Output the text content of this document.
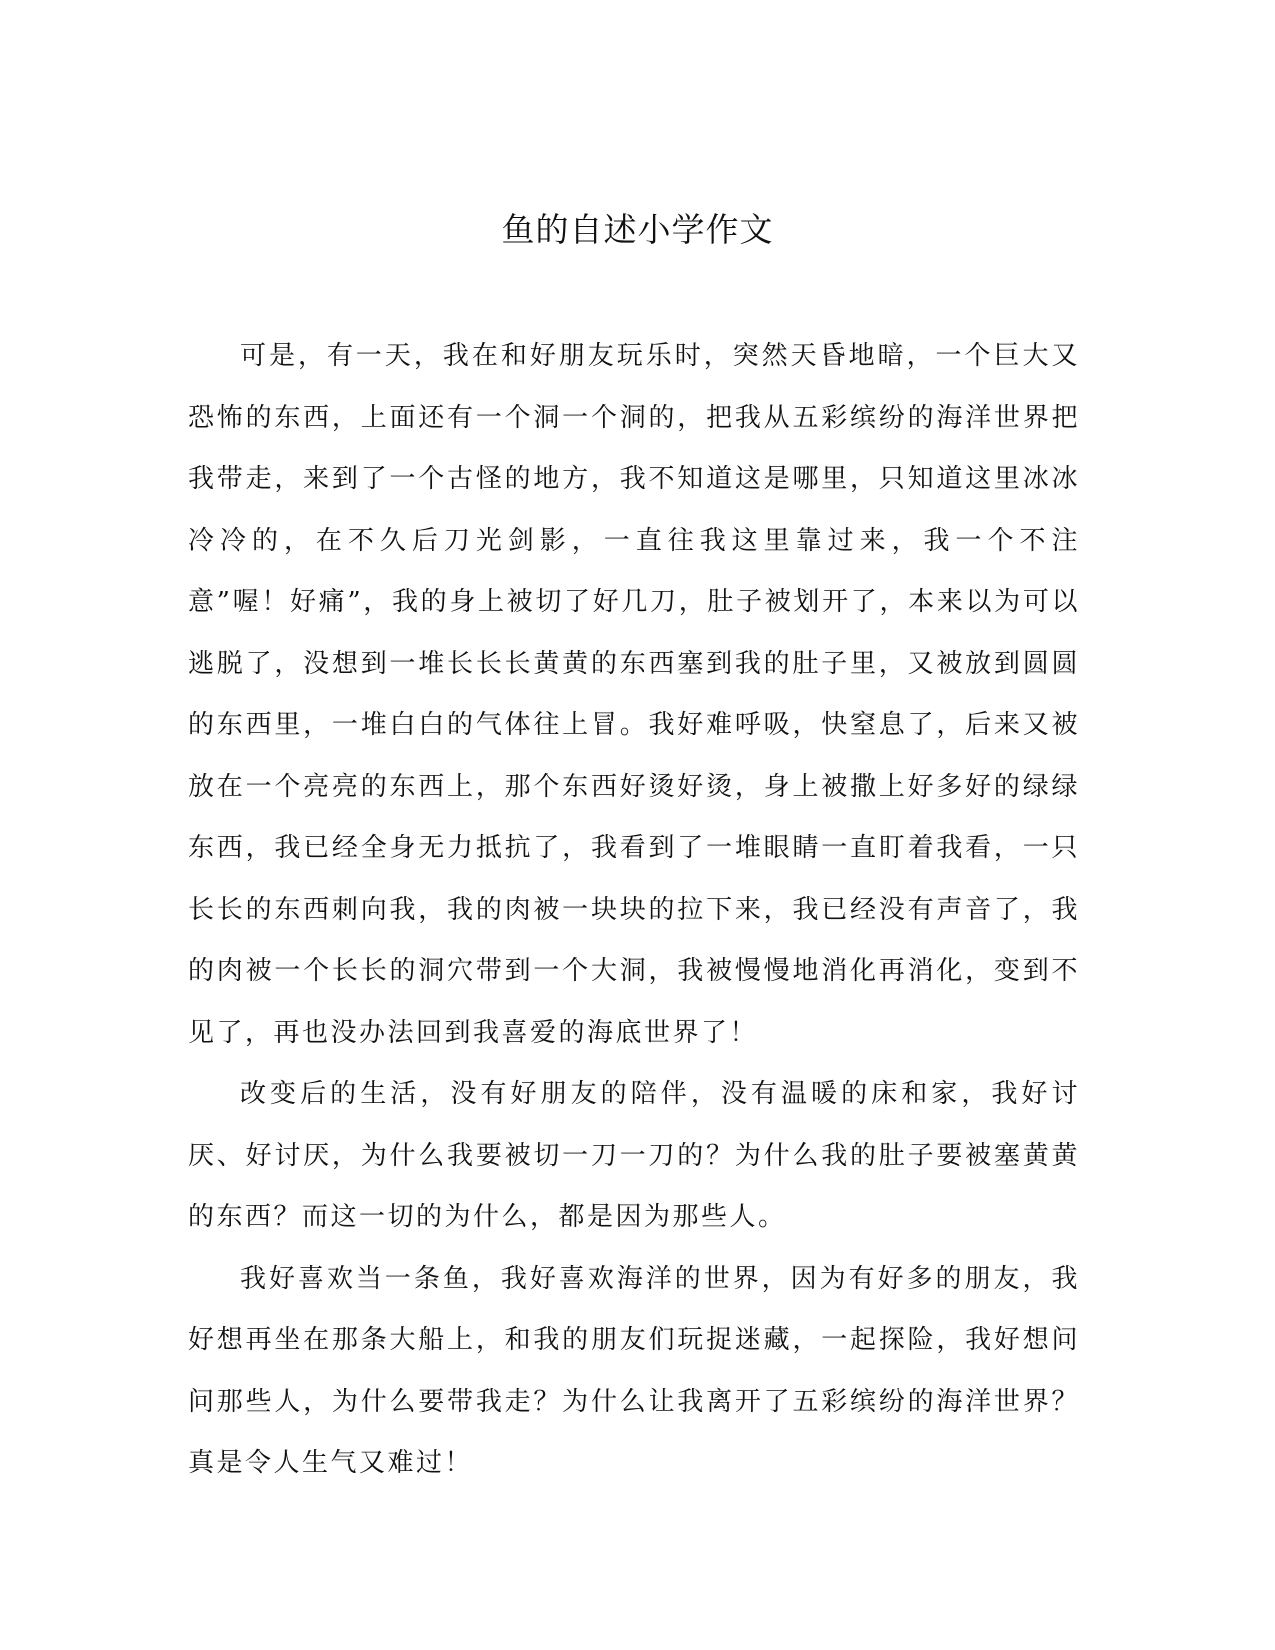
鱼的自述小学作文

可是，有一天，我在和好朋友玩乐时，突然天昏地暗，一个巨大又恐怖的东西，上面还有一个洞一个洞的，把我从五彩缤纷的海洋世界把我带走，来到了一个古怪的地方，我不知道这是哪里，只知道这里冰冰冷冷的，在不久后刀光剑影，一直往我这里靠过来，我一个不注意”喔！好痛”，我的身上被切了好几刀，肚子被划开了，本来以为可以逃脱了，没想到一堆长长长黄黄的东西塞到我的肚子里，又被放到圆圆的东西里，一堆白白的气体往上冒。我好难呼吸，快窒息了，后来又被放在一个亮亮的东西上，那个东西好烫好烫，身上被撒上好多好的绿绿东西，我已经全身无力抵抗了，我看到了一堆眼睛一直盯着我看，一只长长的东西刺向我，我的肉被一块块的拉下来，我已经没有声音了，我的肉被一个长长的洞穴带到一个大洞，我被慢慢地消化再消化，变到不见了，再也没办法回到我喜爱的海底世界了！

改变后的生活，没有好朋友的陪伴，没有温暖的床和家，我好讨厌、好讨厌，为什么我要被切一刀一刀的？为什么我的肚子要被塞黄黄的东西？而这一切的为什么，都是因为那些人。

我好喜欢当一条鱼，我好喜欢海洋的世界，因为有好多的朋友，我好想再坐在那条大船上，和我的朋友们玩捉迷藏，一起探险，我好想问问那些人，为什么要带我走？为什么让我离开了五彩缤纷的海洋世界？真是令人生气又难过！
